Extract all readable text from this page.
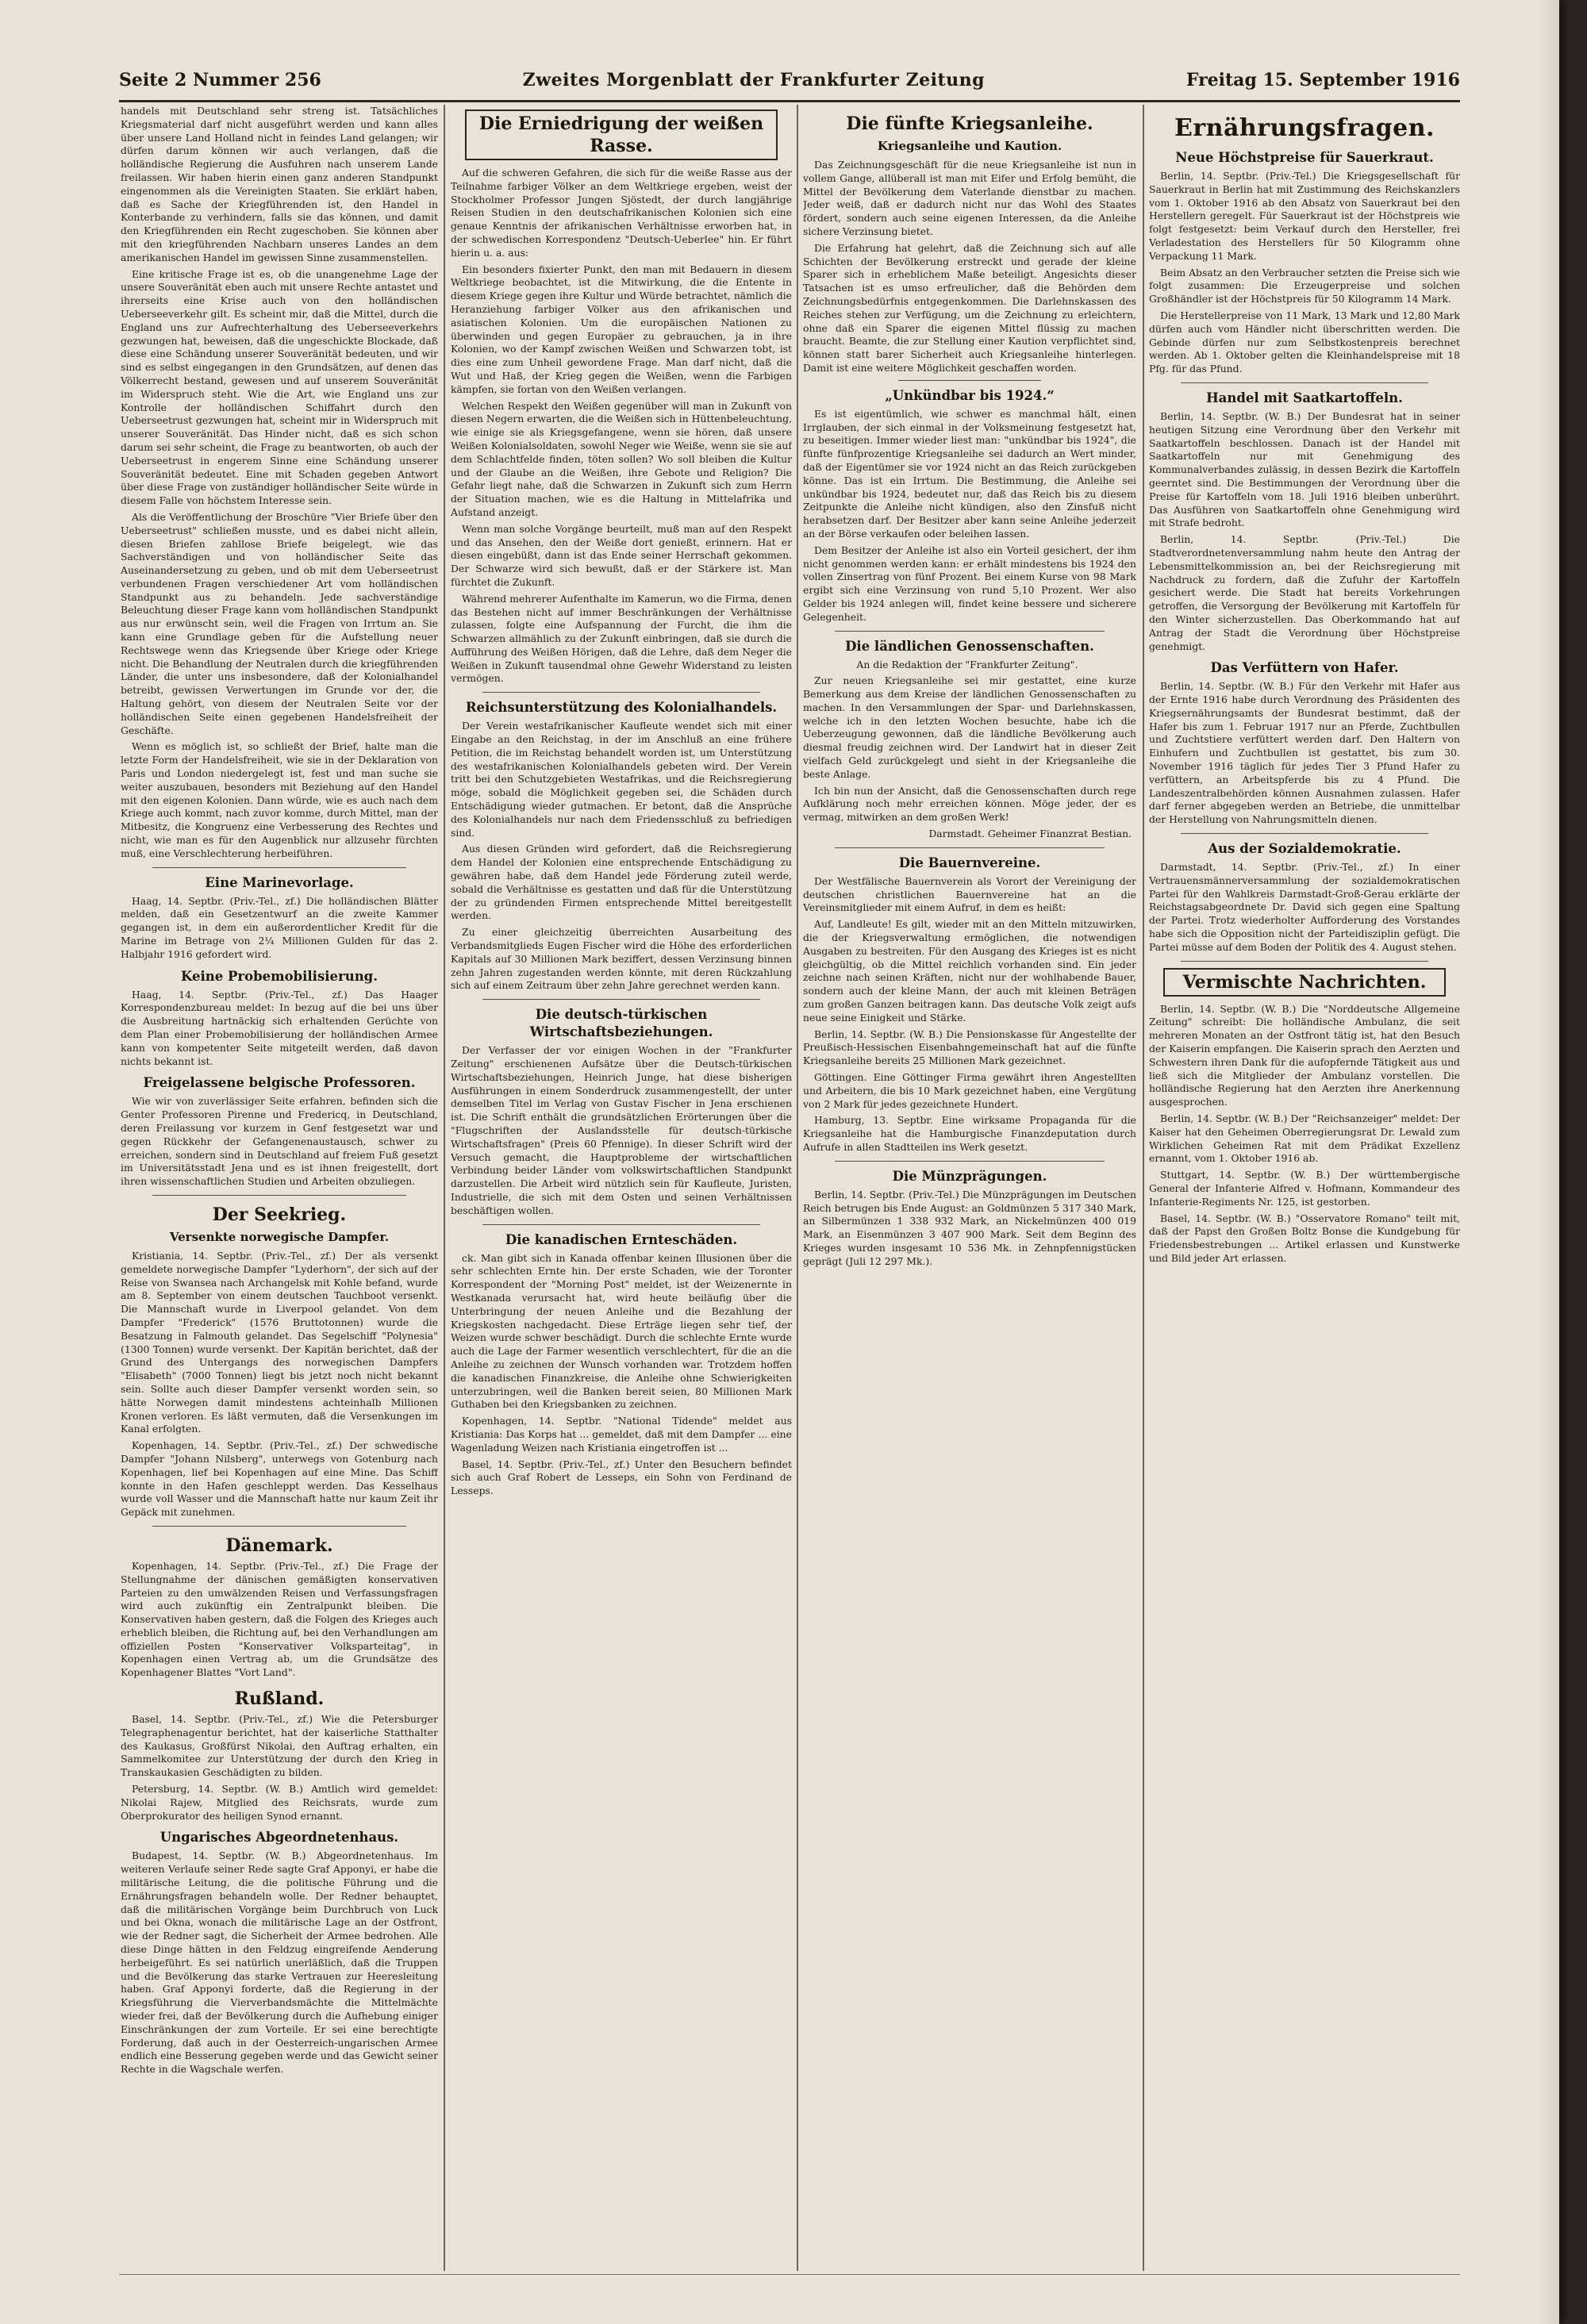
Seite 2 Nummer 256	Zweites Morgenblatt der Frankfurter Zeitung	Freitag 15. September 1916

handels mit Deutschland sehr streng ist. Tatsächliches Kriegsmaterial darf nicht ausgeführt werden und kann alles über unsere Land Holland nicht in feindes Land gelangen; wir dürfen darum können wir auch verlangen, daß die holländische Regierung die Ausfuhren nach unserem Lande freilassen. Wir haben hierin einen ganz anderen Standpunkt eingenommen als die Vereinigten Staaten. Sie erklärt haben, daß es Sache der Kriegführenden ist, den Handel in Konterbande zu verhindern, falls sie das können, und damit den Kriegführenden ein Recht zugeschoben. Sie können aber mit den kriegführenden Nachbarn unseres Landes an dem amerikanischen Handel im gewissen Sinne zusammenstellen.

Eine kritische Frage ist es, ob die unangenehme Lage der unsere Souveränität eben auch mit unsere Rechte antastet und ihrerseits eine Krise auch von den holländischen Ueberseeverkehr gilt. Es scheint mir, daß die Mittel, durch die England uns zur Aufrechterhaltung des Ueberseeverkehrs gezwungen hat, beweisen, daß die ungeschickte Blockade, daß diese eine Schändung unserer Souveränität bedeuten, und wir sind es selbst eingegangen in den Grundsätzen, auf denen das Völkerrecht bestand, gewesen und auf unserem Souveränität im Widerspruch steht. Wie die Art, wie England uns zur Kontrolle der holländischen Schiffahrt durch den Ueberseetrust gezwungen hat, scheint mir in Widerspruch mit unserer Souveränität. Das Hinder nicht, daß es sich schon darum sei sehr scheint, die Frage zu beantworten, ob auch der Ueberseetrust in engerem Sinne eine Schändung unserer Souveränität bedeutet. Eine mit Schaden gegeben Antwort über diese Frage von zuständiger holländischer Seite würde in diesem Falle von höchstem Interesse sein.

Als die Veröffentlichung der Broschüre "Vier Briefe über den Ueberseetrust" schließen musste, und es dabei nicht allein, diesen Briefen zahllose Briefe beigelegt, wie das Sachverständigen und von holländischer Seite das Auseinandersetzung zu geben, und ob mit dem Ueberseetrust verbundenen Fragen verschiedener Art vom holländischen Standpunkt aus zu behandeln. Jede sachverständige Beleuchtung dieser Frage kann vom holländischen Standpunkt aus nur erwünscht sein, weil die Fragen von Irrtum an. Sie kann eine Grundlage geben für die Aufstellung neuer Rechtswege wenn das Kriegsende über Kriege oder Kriege nicht. Die Behandlung der Neutralen durch die kriegführenden Länder, die unter uns insbesondere, daß der Kolonialhandel betreibt, gewissen Verwertungen im Grunde vor der, die Haltung gehört, von diesem der Neutralen Seite vor der holländischen Seite einen gegebenen Handelsfreiheit der Geschäfte.

Wenn es möglich ist, so schließt der Brief, halte man die letzte Form der Handelsfreiheit, wie sie in der Deklaration von Paris und London niedergelegt ist, fest und man suche sie weiter auszubauen, besonders mit Beziehung auf den Handel mit den eigenen Kolonien. Dann würde, wie es auch nach dem Kriege auch kommt, nach zuvor komme, durch Mittel, man der Mitbesitz, die Kongruenz eine Verbesserung des Rechtes und nicht, wie man es für den Augenblick nur allzusehr fürchten muß, eine Verschlechterung herbeiführen.

Eine Marinevorlage.

Haag, 14. Septbr. (Priv.-Tel., zf.) Die holländischen Blätter melden, daß ein Gesetzentwurf an die zweite Kammer gegangen ist, in dem ein außerordentlicher Kredit für die Marine im Betrage von 2¼ Millionen Gulden für das 2. Halbjahr 1916 gefordert wird.

Keine Probemobilisierung.

Haag, 14. Septbr. (Priv.-Tel., zf.) Das Haager Korrespondenzbureau meldet: In bezug auf die bei uns über die Ausbreitung hartnäckig sich erhaltenden Gerüchte von dem Plan einer Probemobilisierung der holländischen Armee kann von kompetenter Seite mitgeteilt werden, daß davon nichts bekannt ist.

Freigelassene belgische Professoren.

Wie wir von zuverlässiger Seite erfahren, befinden sich die Genter Professoren Pirenne und Fredericq, in Deutschland, deren Freilassung vor kurzem in Genf festgesetzt war und gegen Rückkehr der Gefangenenaustausch, schwer zu erreichen, sondern sind in Deutschland auf freiem Fuß gesetzt im Universitätsstadt Jena und es ist ihnen freigestellt, dort ihren wissenschaftlichen Studien und Arbeiten obzuliegen.

Der Seekrieg.
Versenkte norwegische Dampfer.

Kristiania, 14. Septbr. (Priv.-Tel., zf.) Der als versenkt gemeldete norwegische Dampfer "Lyderhorn", der sich auf der Reise von Swansea nach Archangelsk mit Kohle befand, wurde am 8. September von einem deutschen Tauchboot versenkt. Die Mannschaft wurde in Liverpool gelandet. Von dem Dampfer "Frederick" (1576 Bruttotonnen) wurde die Besatzung in Falmouth gelandet. Das Segelschiff "Polynesia" (1300 Tonnen) wurde versenkt. Der Kapitän berichtet, daß der Grund des Untergangs des norwegischen Dampfers "Elisabeth" (7000 Tonnen) liegt bis jetzt noch nicht bekannt sein. Sollte auch dieser Dampfer versenkt worden sein, so hätte Norwegen damit mindestens achteinhalb Millionen Kronen verloren. Es läßt vermuten, daß die Versenkungen im Kanal erfolgten.

Kopenhagen, 14. Septbr. (Priv.-Tel., zf.) Der schwedische Dampfer "Johann Nilsberg", unterwegs von Gotenburg nach Kopenhagen, lief bei Kopenhagen auf eine Mine. Das Schiff konnte in den Hafen geschleppt werden. Das Kesselhaus wurde voll Wasser und die Mannschaft hatte nur kaum Zeit ihr Gepäck mit zunehmen.

Dänemark.

Kopenhagen, 14. Septbr. (Priv.-Tel., zf.) Die Frage der Stellungnahme der dänischen gemäßigten konservativen Parteien zu den umwälzenden Reisen und Verfassungsfragen wird auch zukünftig ein Zentralpunkt bleiben. Die Konservativen haben gestern, daß die Folgen des Krieges auch erheblich bleiben, die Richtung auf, bei den Verhandlungen am offiziellen Posten "Konservativer Volksparteitag", in Kopenhagen einen Vertrag ab, um die Grundsätze des Kopenhagener Blattes "Vort Land".

Rußland.

Basel, 14. Septbr. (Priv.-Tel., zf.) Wie die Petersburger Telegraphenagentur berichtet, hat der kaiserliche Statthalter des Kaukasus, Großfürst Nikolai, den Auftrag erhalten, ein Sammelkomitee zur Unterstützung der durch den Krieg in Transkaukasien Geschädigten zu bilden.

Petersburg, 14. Septbr. (W. B.) Amtlich wird gemeldet: Nikolai Rajew, Mitglied des Reichsrats, wurde zum Oberprokurator des heiligen Synod ernannt.

Ungarisches Abgeordnetenhaus.

Budapest, 14. Septbr. (W. B.) Abgeordnetenhaus. Im weiteren Verlaufe seiner Rede sagte Graf Apponyi, er habe die militärische Leitung, die die politische Führung und die Ernährungsfragen behandeln wolle. Der Redner behauptet, daß die militärischen Vorgänge beim Durchbruch von Luck und bei Okna, wonach die militärische Lage an der Ostfront, wie der Redner sagt, die Sicherheit der Armee bedrohen. Alle diese Dinge hätten in den Feldzug eingreifende Aenderung herbeigeführt. Es sei natürlich unerläßlich, daß die Truppen und die Bevölkerung das starke Vertrauen zur Heeresleitung haben. Graf Apponyi forderte, daß die Regierung in der Kriegsführung die Vierverbandsmächte die Mittelmächte wieder frei, daß der Bevölkerung durch die Aufhebung einiger Einschränkungen der zum Vorteile. Er sei eine berechtigte Forderung, daß auch in der Oesterreich-ungarischen Armee endlich eine Besserung gegeben werde und das Gewicht seiner Rechte in die Wagschale werfen.

Die Erniedrigung der weißen Rasse.

Auf die schweren Gefahren, die sich für die weiße Rasse aus der Teilnahme farbiger Völker an dem Weltkriege ergeben, weist der Stockholmer Professor Jungen Sjöstedt, der durch langjährige Reisen Studien in den deutschafrikanischen Kolonien sich eine genaue Kenntnis der afrikanischen Verhältnisse erworben hat, in der schwedischen Korrespondenz "Deutsch-Ueberlee" hin. Er führt hierin u. a. aus:

Ein besonders fixierter Punkt, den man mit Bedauern in diesem Weltkriege beobachtet, ist die Mitwirkung, die die Entente in diesem Kriege gegen ihre Kultur und Würde betrachtet, nämlich die Heranziehung farbiger Völker aus den afrikanischen und asiatischen Kolonien. Um die europäischen Nationen zu überwinden und gegen Europäer zu gebrauchen, ja in ihre Kolonien, wo der Kampf zwischen Weißen und Schwarzen tobt, ist dies eine zum Unheil gewordene Frage. Man darf nicht, daß die Wut und Haß, der Krieg gegen die Weißen, wenn die Farbigen kämpfen, sie fortan von den Weißen verlangen.

Welchen Respekt den Weißen gegenüber will man in Zukunft von diesen Negern erwarten, die die Weißen sich in Hüttenbeleuchtung, wie einige sie als Kriegsgefangene, wenn sie hören, daß unsere Weißen Kolonialsoldaten, sowohl Neger wie Weiße, wenn sie sie auf dem Schlachtfelde finden, töten sollen? Wo soll bleiben die Kultur und der Glaube an die Weißen, ihre Gebote und Religion? Die Gefahr liegt nahe, daß die Schwarzen in Zukunft sich zum Herrn der Situation machen, wie es die Haltung in Mittelafrika und Aufstand anzeigt.

Wenn man solche Vorgänge beurteilt, muß man auf den Respekt und das Ansehen, den der Weiße dort genießt, erinnern. Hat er diesen eingebüßt, dann ist das Ende seiner Herrschaft gekommen. Der Schwarze wird sich bewußt, daß er der Stärkere ist. Man fürchtet die Zukunft.

Während mehrerer Aufenthalte im Kamerun, wo die Firma, denen das Bestehen nicht auf immer Beschränkungen der Verhältnisse zulassen, folgte eine Aufspannung der Furcht, die ihm die Schwarzen allmählich zu der Zukunft einbringen, daß sie durch die Aufführung des Weißen Hörigen, daß die Lehre, daß dem Neger die Weißen in Zukunft tausendmal ohne Gewehr Widerstand zu leisten vermögen.

Reichsunterstützung des Kolonialhandels.

Der Verein westafrikanischer Kaufleute wendet sich mit einer Eingabe an den Reichstag, in der im Anschluß an eine frühere Petition, die im Reichstag behandelt worden ist, um Unterstützung des westafrikanischen Kolonialhandels gebeten wird. Der Verein tritt bei den Schutzgebieten Westafrikas, und die Reichsregierung möge, sobald die Möglichkeit gegeben sei, die Schäden durch Entschädigung wieder gutmachen. Er betont, daß die Ansprüche des Kolonialhandels nur nach dem Friedensschluß zu befriedigen sind.

Aus diesen Gründen wird gefordert, daß die Reichsregierung dem Handel der Kolonien eine entsprechende Entschädigung zu gewähren habe, daß dem Handel jede Förderung zuteil werde, sobald die Verhältnisse es gestatten und daß für die Unterstützung der zu gründenden Firmen entsprechende Mittel bereitgestellt werden.

Zu einer gleichzeitig überreichten Ausarbeitung des Verbandsmitglieds Eugen Fischer wird die Höhe des erforderlichen Kapitals auf 30 Millionen Mark beziffert, dessen Verzinsung binnen zehn Jahren zugestanden werden könnte, mit deren Rückzahlung sich auf einem Zeitraum über zehn Jahre gerechnet werden kann.

Die deutsch-türkischen Wirtschaftsbeziehungen.

Der Verfasser der vor einigen Wochen in der "Frankfurter Zeitung" erschienenen Aufsätze über die Deutsch-türkischen Wirtschaftsbeziehungen, Heinrich Junge, hat diese bisherigen Ausführungen in einem Sonderdruck zusammengestellt, der unter demselben Titel im Verlag von Gustav Fischer in Jena erschienen ist. Die Schrift enthält die grundsätzlichen Erörterungen über die "Flugschriften der Auslandsstelle für deutsch-türkische Wirtschaftsfragen" (Preis 60 Pfennige). In dieser Schrift wird der Versuch gemacht, die Hauptprobleme der wirtschaftlichen Verbindung beider Länder vom volkswirtschaftlichen Standpunkt darzustellen. Die Arbeit wird nützlich sein für Kaufleute, Juristen, Industrielle, die sich mit dem Osten und seinen Verhältnissen beschäftigen wollen.

Die kanadischen Ernteschäden.

ck. Man gibt sich in Kanada offenbar keinen Illusionen über die sehr schlechten Ernte hin. Der erste Schaden, wie der Toronter Korrespondent der "Morning Post" meldet, ist der Weizenernte in Westkanada verursacht hat, wird heute beiläufig über die Unterbringung der neuen Anleihe und die Bezahlung der Kriegskosten nachgedacht. Diese Erträge liegen sehr tief, der Weizen wurde schwer beschädigt. Durch die schlechte Ernte wurde auch die Lage der Farmer wesentlich verschlechtert, für die an die Anleihe zu zeichnen der Wunsch vorhanden war. Trotzdem hoffen die kanadischen Finanzkreise, die Anleihe ohne Schwierigkeiten unterzubringen, weil die Banken bereit seien, 80 Millionen Mark Guthaben bei den Kriegsbanken zu zeichnen.

Kopenhagen, 14. Septbr. "National Tidende" meldet aus Kristiania: Das Korps hat ... gemeldet, daß mit dem Dampfer ... eine Wagenladung Weizen nach Kristiania eingetroffen ist ...

Basel, 14. Septbr. (Priv.-Tel., zf.) Unter den Besuchern befindet sich auch Graf Robert de Lesseps, ein Sohn von Ferdinand de Lesseps.

Die fünfte Kriegsanleihe.
Kriegsanleihe und Kaution.

Das Zeichnungsgeschäft für die neue Kriegsanleihe ist nun in vollem Gange, allüberall ist man mit Eifer und Erfolg bemüht, die Mittel der Bevölkerung dem Vaterlande dienstbar zu machen. Jeder weiß, daß er dadurch nicht nur das Wohl des Staates fördert, sondern auch seine eigenen Interessen, da die Anleihe sichere Verzinsung bietet.

Die Erfahrung hat gelehrt, daß die Zeichnung sich auf alle Schichten der Bevölkerung erstreckt und gerade der kleine Sparer sich in erheblichem Maße beteiligt. Angesichts dieser Tatsachen ist es umso erfreulicher, daß die Behörden dem Zeichnungsbedürfnis entgegenkommen. Die Darlehnskassen des Reiches stehen zur Verfügung, um die Zeichnung zu erleichtern, ohne daß ein Sparer die eigenen Mittel flüssig zu machen braucht. Beamte, die zur Stellung einer Kaution verpflichtet sind, können statt barer Sicherheit auch Kriegsanleihe hinterlegen. Damit ist eine weitere Möglichkeit geschaffen worden.

„Unkündbar bis 1924.“

Es ist eigentümlich, wie schwer es manchmal hält, einen Irrglauben, der sich einmal in der Volksmeinung festgesetzt hat, zu beseitigen. Immer wieder liest man: "unkündbar bis 1924", die fünfte fünfprozentige Kriegsanleihe sei dadurch an Wert minder, daß der Eigentümer sie vor 1924 nicht an das Reich zurückgeben könne. Das ist ein Irrtum. Die Bestimmung, die Anleihe sei unkündbar bis 1924, bedeutet nur, daß das Reich bis zu diesem Zeitpunkte die Anleihe nicht kündigen, also den Zinsfuß nicht herabsetzen darf. Der Besitzer aber kann seine Anleihe jederzeit an der Börse verkaufen oder beleihen lassen.

Dem Besitzer der Anleihe ist also ein Vorteil gesichert, der ihm nicht genommen werden kann: er erhält mindestens bis 1924 den vollen Zinsertrag von fünf Prozent. Bei einem Kurse von 98 Mark ergibt sich eine Verzinsung von rund 5,10 Prozent. Wer also Gelder bis 1924 anlegen will, findet keine bessere und sicherere Gelegenheit.

Die ländlichen Genossenschaften.
An die Redaktion der "Frankfurter Zeitung".

Zur neuen Kriegsanleihe sei mir gestattet, eine kurze Bemerkung aus dem Kreise der ländlichen Genossenschaften zu machen. In den Versammlungen der Spar- und Darlehnskassen, welche ich in den letzten Wochen besuchte, habe ich die Ueberzeugung gewonnen, daß die ländliche Bevölkerung auch diesmal freudig zeichnen wird. Der Landwirt hat in dieser Zeit vielfach Geld zurückgelegt und sieht in der Kriegsanleihe die beste Anlage.

Ich bin nun der Ansicht, daß die Genossenschaften durch rege Aufklärung noch mehr erreichen können. Möge jeder, der es vermag, mitwirken an dem großen Werk!

Darmstadt. Geheimer Finanzrat Bestian.
Die Bauernvereine.

Der Westfälische Bauernverein als Vorort der Vereinigung der deutschen christlichen Bauernvereine hat an die Vereinsmitglieder mit einem Aufruf, in dem es heißt:

Auf, Landleute! Es gilt, wieder mit an den Mitteln mitzuwirken, die der Kriegsverwaltung ermöglichen, die notwendigen Ausgaben zu bestreiten. Für den Ausgang des Krieges ist es nicht gleichgültig, ob die Mittel reichlich vorhanden sind. Ein jeder zeichne nach seinen Kräften, nicht nur der wohlhabende Bauer, sondern auch der kleine Mann, der auch mit kleinen Beträgen zum großen Ganzen beitragen kann. Das deutsche Volk zeigt aufs neue seine Einigkeit und Stärke.

Berlin, 14. Septbr. (W. B.) Die Pensionskasse für Angestellte der Preußisch-Hessischen Eisenbahngemeinschaft hat auf die fünfte Kriegsanleihe bereits 25 Millionen Mark gezeichnet.

Göttingen. Eine Göttinger Firma gewährt ihren Angestellten und Arbeitern, die bis 10 Mark gezeichnet haben, eine Vergütung von 2 Mark für jedes gezeichnete Hundert.

Hamburg, 13. Septbr. Eine wirksame Propaganda für die Kriegsanleihe hat die Hamburgische Finanzdeputation durch Aufrufe in allen Stadtteilen ins Werk gesetzt.

Die Münzprägungen.

Berlin, 14. Septbr. (Priv.-Tel.) Die Münzprägungen im Deutschen Reich betrugen bis Ende August: an Goldmünzen 5 317 340 Mark, an Silbermünzen 1 338 932 Mark, an Nickelmünzen 400 019 Mark, an Eisenmünzen 3 407 900 Mark. Seit dem Beginn des Krieges wurden insgesamt 10 536 Mk. in Zehnpfennigstücken geprägt (Juli 12 297 Mk.).

Ernährungsfragen.
Neue Höchstpreise für Sauerkraut.

Berlin, 14. Septbr. (Priv.-Tel.) Die Kriegsgesellschaft für Sauerkraut in Berlin hat mit Zustimmung des Reichskanzlers vom 1. Oktober 1916 ab den Absatz von Sauerkraut bei den Herstellern geregelt. Für Sauerkraut ist der Höchstpreis wie folgt festgesetzt: beim Verkauf durch den Hersteller, frei Verladestation des Herstellers für 50 Kilogramm ohne Verpackung 11 Mark.

Beim Absatz an den Verbraucher setzten die Preise sich wie folgt zusammen: Die Erzeugerpreise und solchen Großhändler ist der Höchstpreis für 50 Kilogramm 14 Mark.

Die Herstellerpreise von 11 Mark, 13 Mark und 12,80 Mark dürfen auch vom Händler nicht überschritten werden. Die Gebinde dürfen nur zum Selbstkostenpreis berechnet werden. Ab 1. Oktober gelten die Kleinhandelspreise mit 18 Pfg. für das Pfund.

Handel mit Saatkartoffeln.

Berlin, 14. Septbr. (W. B.) Der Bundesrat hat in seiner heutigen Sitzung eine Verordnung über den Verkehr mit Saatkartoffeln beschlossen. Danach ist der Handel mit Saatkartoffeln nur mit Genehmigung des Kommunalverbandes zulässig, in dessen Bezirk die Kartoffeln geerntet sind. Die Bestimmungen der Verordnung über die Preise für Kartoffeln vom 18. Juli 1916 bleiben unberührt. Das Ausführen von Saatkartoffeln ohne Genehmigung wird mit Strafe bedroht.

Berlin, 14. Septbr. (Priv.-Tel.) Die Stadtverordnetenversammlung nahm heute den Antrag der Lebensmittelkommission an, bei der Reichsregierung mit Nachdruck zu fordern, daß die Zufuhr der Kartoffeln gesichert werde. Die Stadt hat bereits Vorkehrungen getroffen, die Versorgung der Bevölkerung mit Kartoffeln für den Winter sicherzustellen. Das Oberkommando hat auf Antrag der Stadt die Verordnung über Höchstpreise genehmigt.

Das Verfüttern von Hafer.

Berlin, 14. Septbr. (W. B.) Für den Verkehr mit Hafer aus der Ernte 1916 habe durch Verordnung des Präsidenten des Kriegsernährungsamts der Bundesrat bestimmt, daß der Hafer bis zum 1. Februar 1917 nur an Pferde, Zuchtbullen und Zuchtstiere verfüttert werden darf. Den Haltern von Einhufern und Zuchtbullen ist gestattet, bis zum 30. November 1916 täglich für jedes Tier 3 Pfund Hafer zu verfüttern, an Arbeitspferde bis zu 4 Pfund. Die Landeszentralbehörden können Ausnahmen zulassen. Hafer darf ferner abgegeben werden an Betriebe, die unmittelbar der Herstellung von Nahrungsmitteln dienen.

Aus der Sozialdemokratie.

Darmstadt, 14. Septbr. (Priv.-Tel., zf.) In einer Vertrauensmännerversammlung der sozialdemokratischen Partei für den Wahlkreis Darmstadt-Groß-Gerau erklärte der Reichstagsabgeordnete Dr. David sich gegen eine Spaltung der Partei. Trotz wiederholter Aufforderung des Vorstandes habe sich die Opposition nicht der Parteidisziplin gefügt. Die Partei müsse auf dem Boden der Politik des 4. August stehen.

Vermischte Nachrichten.

Berlin, 14. Septbr. (W. B.) Die "Norddeutsche Allgemeine Zeitung" schreibt: Die holländische Ambulanz, die seit mehreren Monaten an der Ostfront tätig ist, hat den Besuch der Kaiserin empfangen. Die Kaiserin sprach den Aerzten und Schwestern ihren Dank für die aufopfernde Tätigkeit aus und ließ sich die Mitglieder der Ambulanz vorstellen. Die holländische Regierung hat den Aerzten ihre Anerkennung ausgesprochen.

Berlin, 14. Septbr. (W. B.) Der "Reichsanzeiger" meldet: Der Kaiser hat den Geheimen Oberregierungsrat Dr. Lewald zum Wirklichen Geheimen Rat mit dem Prädikat Exzellenz ernannt, vom 1. Oktober 1916 ab.

Stuttgart, 14. Septbr. (W. B.) Der württembergische General der Infanterie Alfred v. Hofmann, Kommandeur des Infanterie-Regiments Nr. 125, ist gestorben.

Basel, 14. Septbr. (W. B.) "Osservatore Romano" teilt mit, daß der Papst den Großen Boltz Bonse die Kundgebung für Friedensbestrebungen ... Artikel erlassen und Kunstwerke und Bild jeder Art erlassen.
